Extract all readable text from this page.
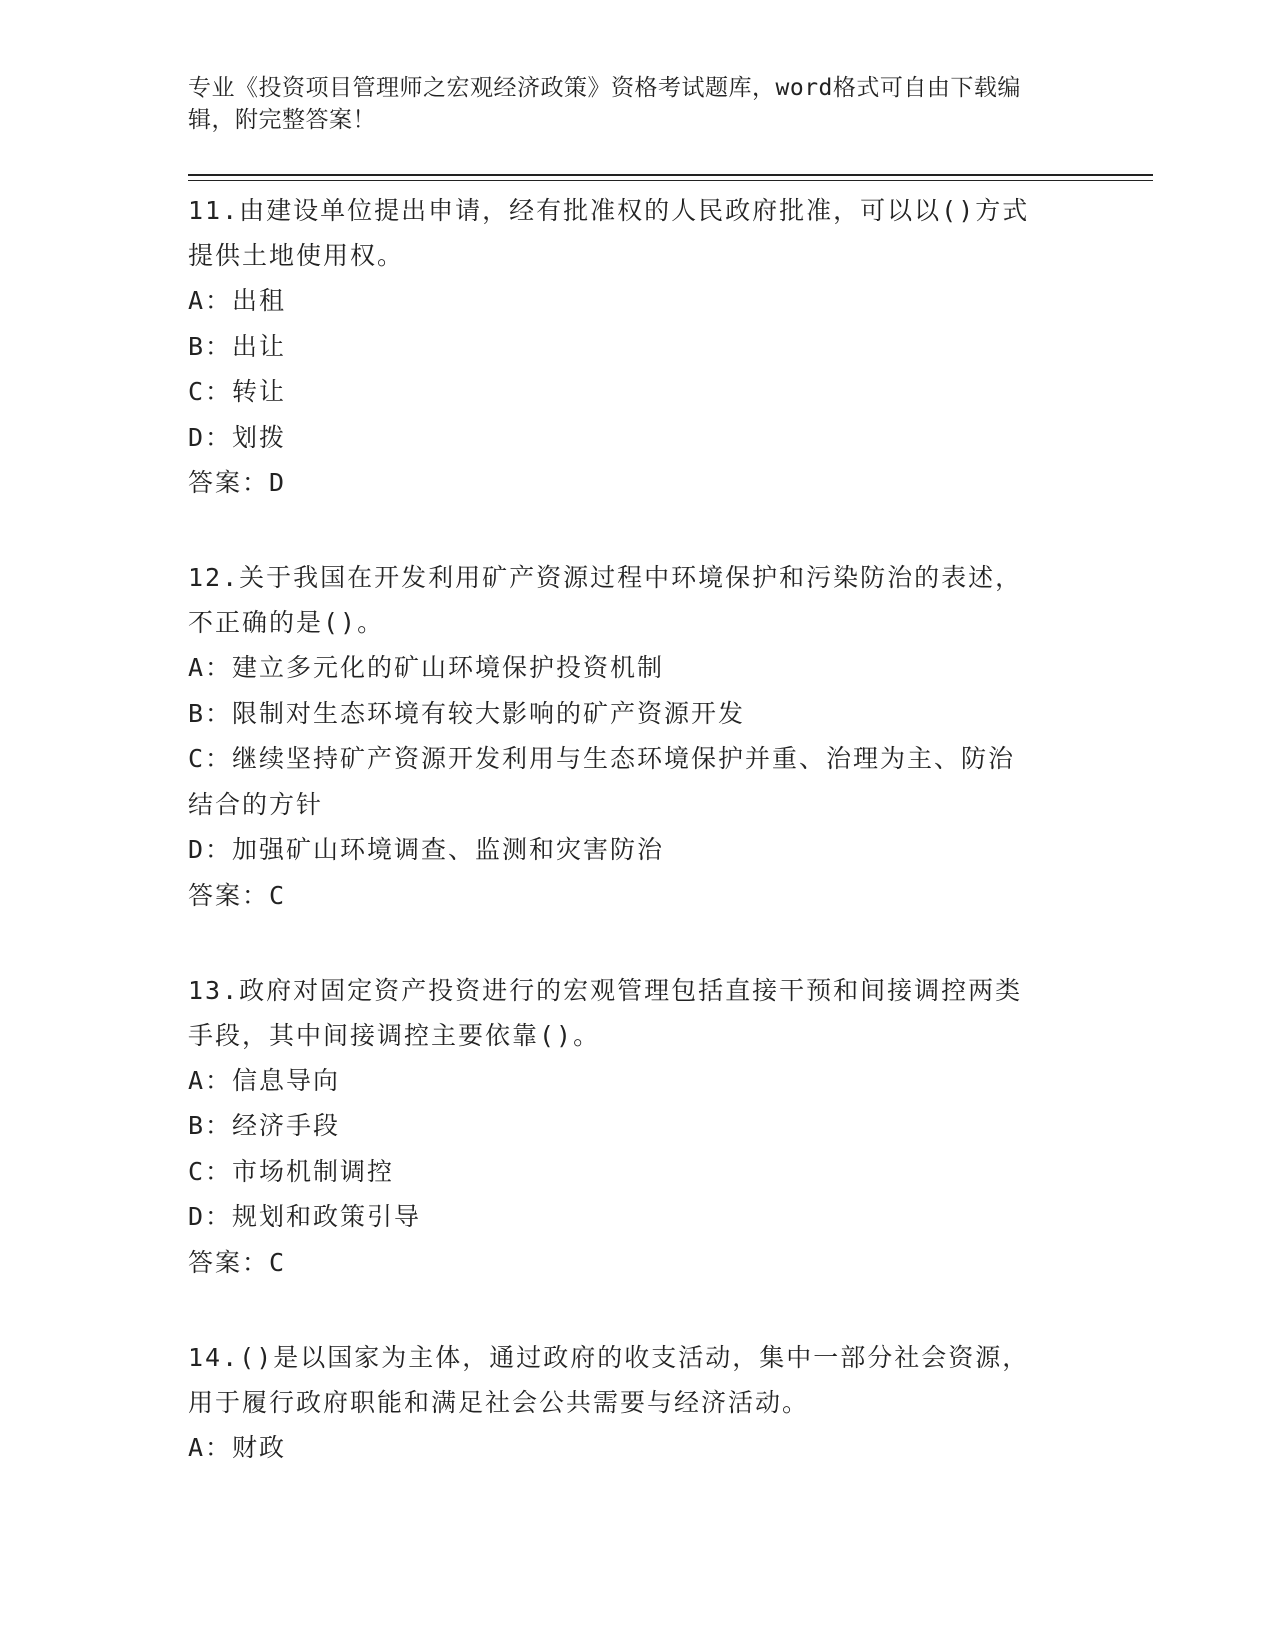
专业《投资项目管理师之宏观经济政策》资格考试题库，word格式可自由下载编
辑，附完整答案！
11.由建设单位提出申请，经有批准权的人民政府批准，可以以()方式
提供土地使用权。
A：出租
B：出让
C：转让
D：划拨
答案：D
12.关于我国在开发利用矿产资源过程中环境保护和污染防治的表述，
不正确的是()。
A：建立多元化的矿山环境保护投资机制
B：限制对生态环境有较大影响的矿产资源开发
C：继续坚持矿产资源开发利用与生态环境保护并重、治理为主、防治
结合的方针
D：加强矿山环境调查、监测和灾害防治
答案：C
13.政府对固定资产投资进行的宏观管理包括直接干预和间接调控两类
手段，其中间接调控主要依靠()。
A：信息导向
B：经济手段
C：市场机制调控
D：规划和政策引导
答案：C
14.()是以国家为主体，通过政府的收支活动，集中一部分社会资源，
用于履行政府职能和满足社会公共需要与经济活动。
A：财政
